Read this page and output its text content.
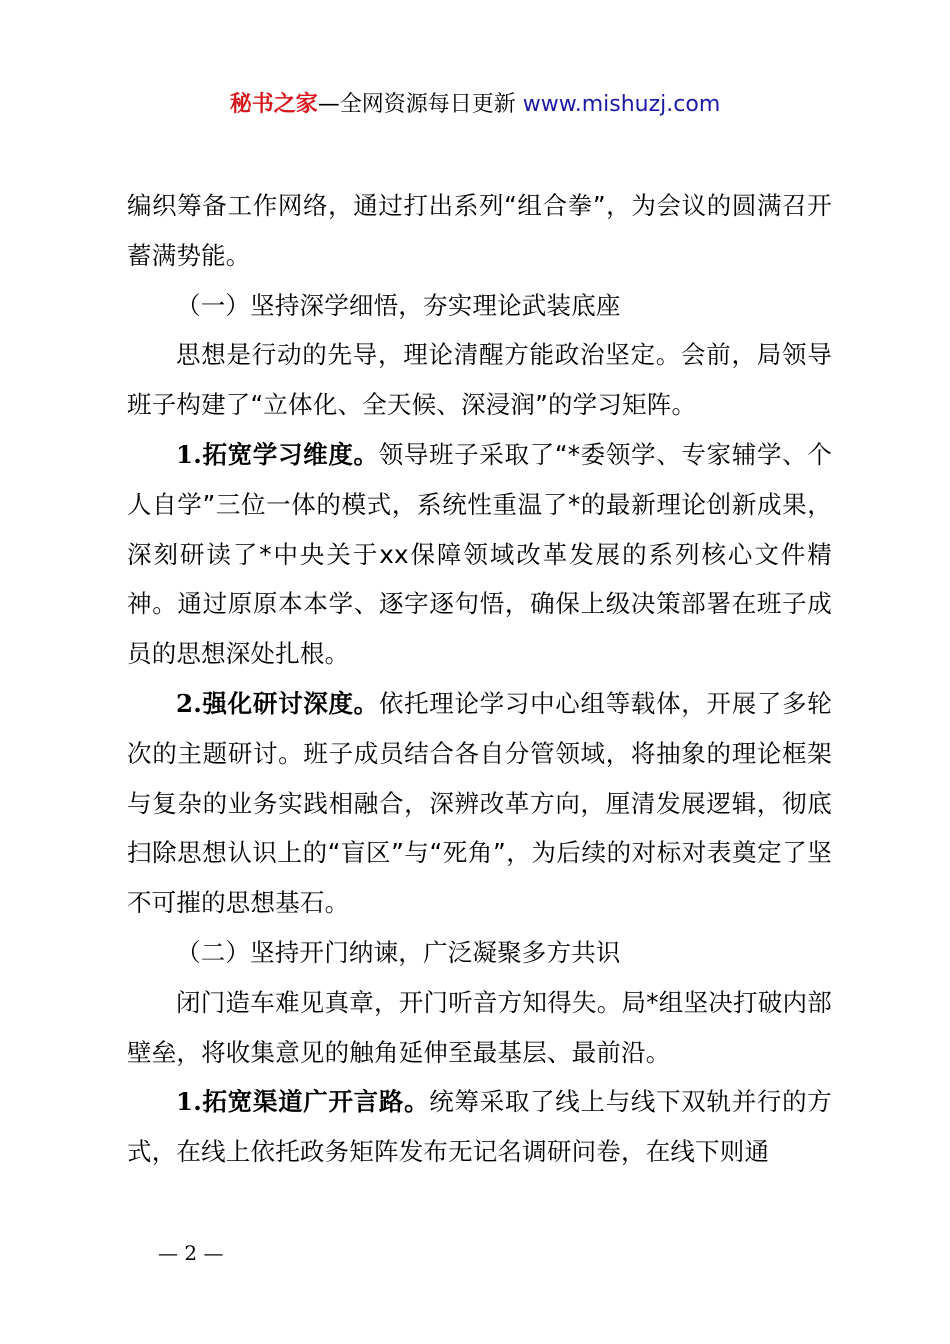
秘书之家—全网资源每日更新 www.mishuzj.com

编织筹备工作网络，通过打出系列“组合拳”，为会议的圆满召开蓄满势能。

（一）坚持深学细悟，夯实理论武装底座

思想是行动的先导，理论清醒方能政治坚定。会前，局领导班子构建了“立体化、全天候、深浸润”的学习矩阵。

1.拓宽学习维度。领导班子采取了“*委领学、专家辅学、个人自学”三位一体的模式，系统性重温了*的最新理论创新成果，深刻研读了*中央关于xx保障领域改革发展的系列核心文件精神。通过原原本本学、逐字逐句悟，确保上级决策部署在班子成员的思想深处扎根。

2.强化研讨深度。依托理论学习中心组等载体，开展了多轮次的主题研讨。班子成员结合各自分管领域，将抽象的理论框架与复杂的业务实践相融合，深辨改革方向，厘清发展逻辑，彻底扫除思想认识上的“盲区”与“死角”，为后续的对标对表奠定了坚不可摧的思想基石。

（二）坚持开门纳谏，广泛凝聚多方共识

闭门造车难见真章，开门听音方知得失。局*组坚决打破内部壁垒，将收集意见的触角延伸至最基层、最前沿。

1.拓宽渠道广开言路。统筹采取了线上与线下双轨并行的方式，在线上依托政务矩阵发布无记名调研问卷，在线下则通

— 2 —
